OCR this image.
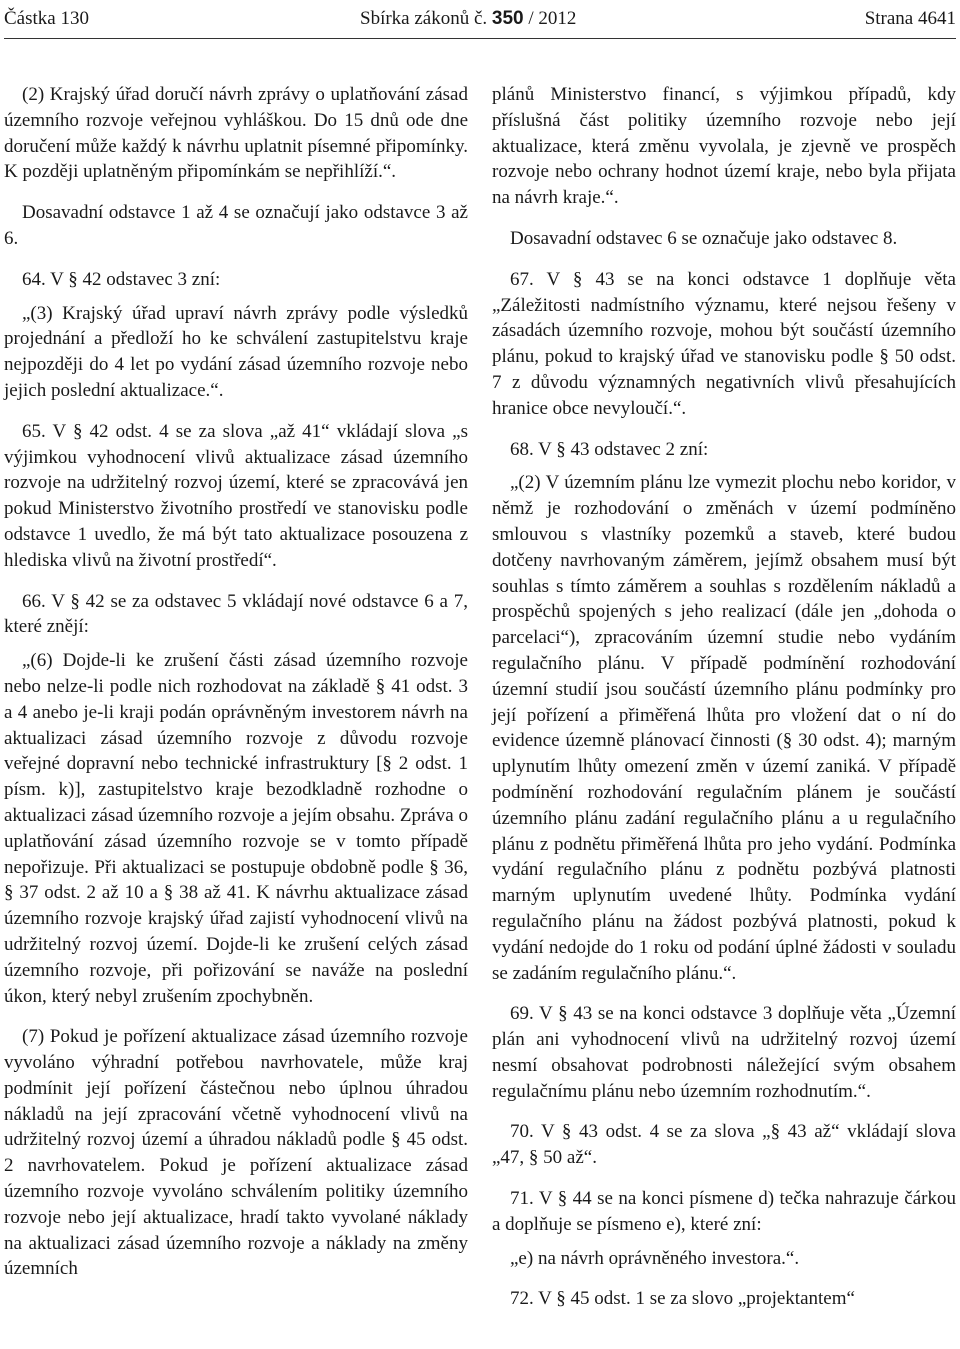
Částka 130	Sbírka zákonů č. 350 / 2012	Strana 4641

(2) Krajský úřad doručí návrh zprávy o uplatňování zásad územního rozvoje veřejnou vyhláškou. Do 15 dnů ode dne doručení může každý k návrhu uplatnit písemné připomínky. K později uplatněným připomínkám se nepřihlíží.“.

Dosavadní odstavce 1 až 4 se označují jako odstavce 3 až 6.

64. V § 42 odstavec 3 zní:

„(3) Krajský úřad upraví návrh zprávy podle výsledků projednání a předloží ho ke schválení zastupitelstvu kraje nejpozději do 4 let po vydání zásad územního rozvoje nebo jejich poslední aktualizace.“.

65. V § 42 odst. 4 se za slova „až 41“ vkládají slova „s výjimkou vyhodnocení vlivů aktualizace zásad územního rozvoje na udržitelný rozvoj území, které se zpracovává jen pokud Ministerstvo životního prostředí ve stanovisku podle odstavce 1 uvedlo, že má být tato aktualizace posouzena z hlediska vlivů na životní prostředí“.

66. V § 42 se za odstavec 5 vkládají nové odstavce 6 a 7, které znějí:

„(6) Dojde-li ke zrušení části zásad územního rozvoje nebo nelze-li podle nich rozhodovat na základě § 41 odst. 3 a 4 anebo je-li kraji podán oprávněným investorem návrh na aktualizaci zásad územního rozvoje z důvodu rozvoje veřejné dopravní nebo technické infrastruktury [§ 2 odst. 1 písm. k)], zastupitelstvo kraje bezodkladně rozhodne o aktualizaci zásad územního rozvoje a jejím obsahu. Zpráva o uplatňování zásad územního rozvoje se v tomto případě nepořizuje. Při aktualizaci se postupuje obdobně podle § 36, § 37 odst. 2 až 10 a § 38 až 41. K návrhu aktualizace zásad územního rozvoje krajský úřad zajistí vyhodnocení vlivů na udržitelný rozvoj území. Dojde-li ke zrušení celých zásad územního rozvoje, při pořizování se naváže na poslední úkon, který nebyl zrušením zpochybněn.

(7) Pokud je pořízení aktualizace zásad územního rozvoje vyvoláno výhradní potřebou navrhovatele, může kraj podmínit její pořízení částečnou nebo úplnou úhradou nákladů na její zpracování včetně vyhodnocení vlivů na udržitelný rozvoj území a úhradou nákladů podle § 45 odst. 2 navrhovatelem. Pokud je pořízení aktualizace zásad územního rozvoje vyvoláno schválením politiky územního rozvoje nebo její aktualizace, hradí takto vyvolané náklady na aktualizaci zásad územního rozvoje a náklady na změny územních

plánů Ministerstvo financí, s výjimkou případů, kdy příslušná část politiky územního rozvoje nebo její aktualizace, která změnu vyvolala, je zjevně ve prospěch rozvoje nebo ochrany hodnot území kraje, nebo byla přijata na návrh kraje.“.

Dosavadní odstavec 6 se označuje jako odstavec 8.

67. V § 43 se na konci odstavce 1 doplňuje věta „Záležitosti nadmístního významu, které nejsou řešeny v zásadách územního rozvoje, mohou být součástí územního plánu, pokud to krajský úřad ve stanovisku podle § 50 odst. 7 z důvodu významných negativních vlivů přesahujících hranice obce nevyloučí.“.

68. V § 43 odstavec 2 zní:

„(2) V územním plánu lze vymezit plochu nebo koridor, v němž je rozhodování o změnách v území podmíněno smlouvou s vlastníky pozemků a staveb, které budou dotčeny navrhovaným záměrem, jejímž obsahem musí být souhlas s tímto záměrem a souhlas s rozdělením nákladů a prospěchů spojených s jeho realizací (dále jen „dohoda o parcelaci“), zpracováním územní studie nebo vydáním regulačního plánu. V případě podmínění rozhodování územní studií jsou součástí územního plánu podmínky pro její pořízení a přiměřená lhůta pro vložení dat o ní do evidence územně plánovací činnosti (§ 30 odst. 4); marným uplynutím lhůty omezení změn v území zaniká. V případě podmínění rozhodování regulačním plánem je součástí územního plánu zadání regulačního plánu a u regulačního plánu z podnětu přiměřená lhůta pro jeho vydání. Podmínka vydání regulačního plánu z podnětu pozbývá platnosti marným uplynutím uvedené lhůty. Podmínka vydání regulačního plánu na žádost pozbývá platnosti, pokud k vydání nedojde do 1 roku od podání úplné žádosti v souladu se zadáním regulačního plánu.“.

69. V § 43 se na konci odstavce 3 doplňuje věta „Územní plán ani vyhodnocení vlivů na udržitelný rozvoj území nesmí obsahovat podrobnosti náležející svým obsahem regulačnímu plánu nebo územním rozhodnutím.“.

70. V § 43 odst. 4 se za slova „§ 43 až“ vkládají slova „47, § 50 až“.

71. V § 44 se na konci písmene d) tečka nahrazuje čárkou a doplňuje se písmeno e), které zní:

„e) na návrh oprávněného investora.“.

72. V § 45 odst. 1 se za slovo „projektantem“
